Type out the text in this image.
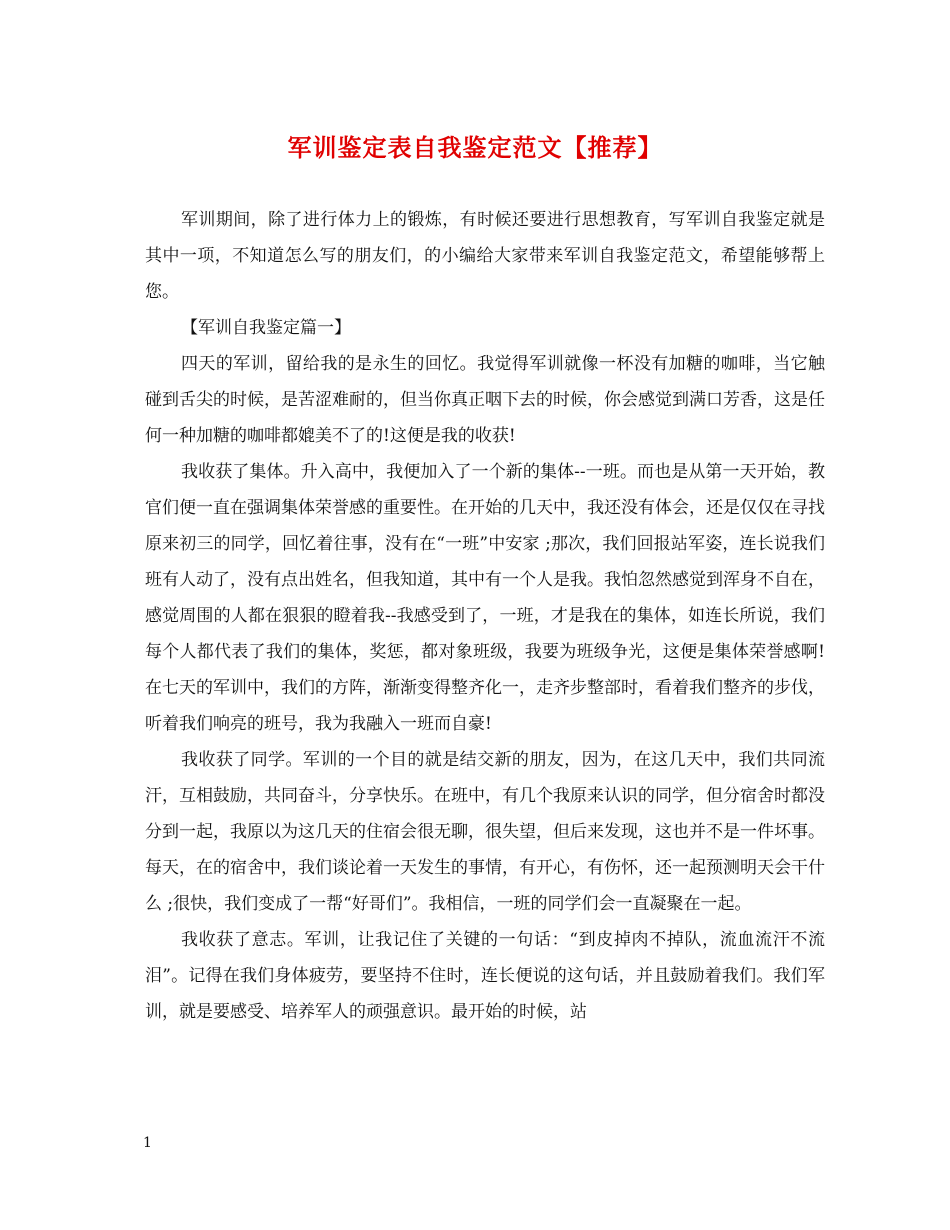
军训鉴定表自我鉴定范文【推荐】

军训期间，除了进行体力上的锻炼，有时候还要进行思想教育，写军训自我鉴定就是其中一项，不知道怎么写的朋友们，的小编给大家带来军训自我鉴定范文，希望能够帮上您。

【军训自我鉴定篇一】

四天的军训，留给我的是永生的回忆。我觉得军训就像一杯没有加糖的咖啡，当它触碰到舌尖的时候，是苦涩难耐的，但当你真正咽下去的时候，你会感觉到满口芳香，这是任何一种加糖的咖啡都媲美不了的!这便是我的收获!

我收获了集体。升入高中，我便加入了一个新的集体--一班。而也是从第一天开始，教官们便一直在强调集体荣誉感的重要性。在开始的几天中，我还没有体会，还是仅仅在寻找原来初三的同学，回忆着往事，没有在“一班”中安家 ;那次，我们回报站军姿，连长说我们班有人动了，没有点出姓名，但我知道，其中有一个人是我。我怕忽然感觉到浑身不自在，感觉周围的人都在狠狠的瞪着我--我感受到了，一班，才是我在的集体，如连长所说，我们每个人都代表了我们的集体，奖惩，都对象班级，我要为班级争光，这便是集体荣誉感啊!在七天的军训中，我们的方阵，渐渐变得整齐化一，走齐步整部时，看着我们整齐的步伐，听着我们响亮的班号，我为我融入一班而自豪!

我收获了同学。军训的一个目的就是结交新的朋友，因为，在这几天中，我们共同流汗，互相鼓励，共同奋斗，分享快乐。在班中，有几个我原来认识的同学，但分宿舍时都没分到一起，我原以为这几天的住宿会很无聊，很失望，但后来发现，这也并不是一件坏事。每天，在的宿舍中，我们谈论着一天发生的事情，有开心，有伤怀，还一起预测明天会干什么 ;很快，我们变成了一帮“好哥们”。我相信，一班的同学们会一直凝聚在一起。

我收获了意志。军训，让我记住了关键的一句话：“到皮掉肉不掉队，流血流汗不流泪”。记得在我们身体疲劳，要坚持不住时，连长便说的这句话，并且鼓励着我们。我们军训，就是要感受、培养军人的顽强意识。最开始的时候，站

1
